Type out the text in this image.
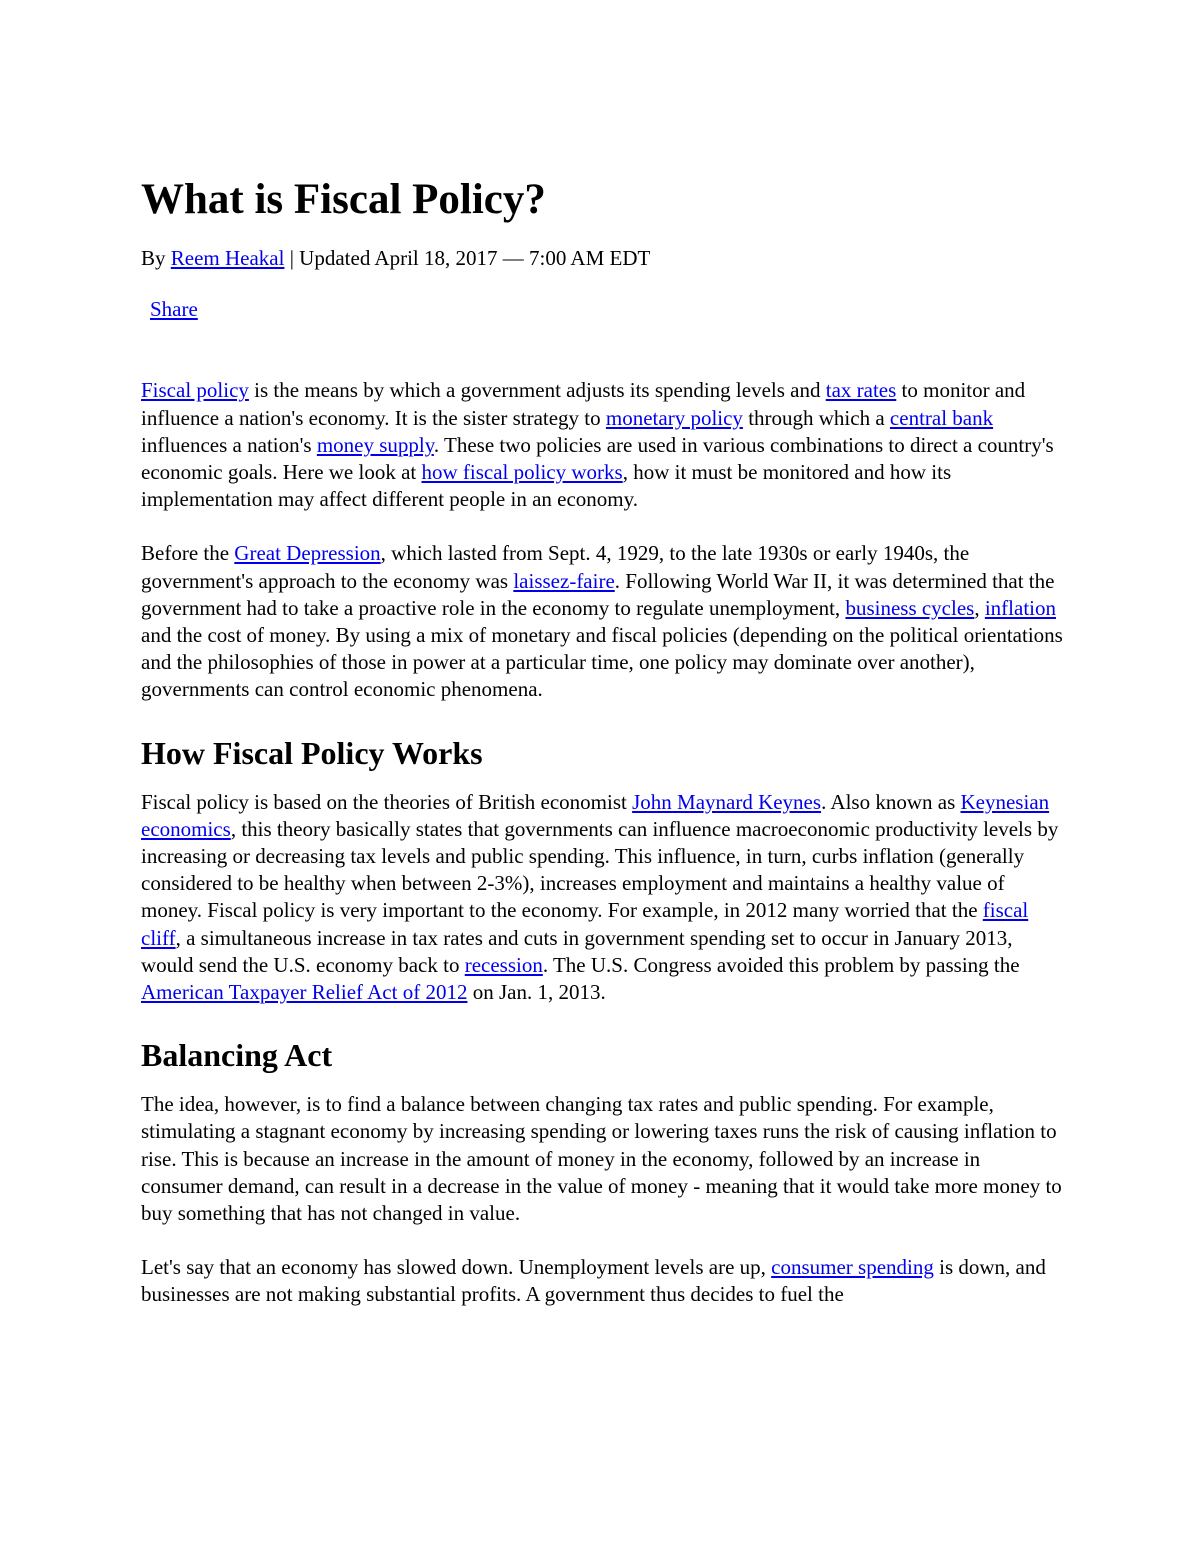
What is Fiscal Policy?

By Reem Heakal | Updated April 18, 2017 — 7:00 AM EDT

Share

Fiscal policy is the means by which a government adjusts its spending levels and tax rates to monitor and influence a nation's economy. It is the sister strategy to monetary policy through which a central bank influences a nation's money supply. These two policies are used in various combinations to direct a country's economic goals. Here we look at how fiscal policy works, how it must be monitored and how its implementation may affect different people in an economy.

Before the Great Depression, which lasted from Sept. 4, 1929, to the late 1930s or early 1940s, the government's approach to the economy was laissez-faire. Following World War II, it was determined that the government had to take a proactive role in the economy to regulate unemployment, business cycles, inflation and the cost of money. By using a mix of monetary and fiscal policies (depending on the political orientations and the philosophies of those in power at a particular time, one policy may dominate over another), governments can control economic phenomena.

How Fiscal Policy Works

Fiscal policy is based on the theories of British economist John Maynard Keynes. Also known as Keynesian economics, this theory basically states that governments can influence macroeconomic productivity levels by increasing or decreasing tax levels and public spending. This influence, in turn, curbs inflation (generally considered to be healthy when between 2-3%), increases employment and maintains a healthy value of money. Fiscal policy is very important to the economy. For example, in 2012 many worried that the fiscal cliff, a simultaneous increase in tax rates and cuts in government spending set to occur in January 2013, would send the U.S. economy back to recession. The U.S. Congress avoided this problem by passing the American Taxpayer Relief Act of 2012 on Jan. 1, 2013.

Balancing Act

The idea, however, is to find a balance between changing tax rates and public spending. For example, stimulating a stagnant economy by increasing spending or lowering taxes runs the risk of causing inflation to rise. This is because an increase in the amount of money in the economy, followed by an increase in consumer demand, can result in a decrease in the value of money - meaning that it would take more money to buy something that has not changed in value.

Let's say that an economy has slowed down. Unemployment levels are up, consumer spending is down, and businesses are not making substantial profits. A government thus decides to fuel the
